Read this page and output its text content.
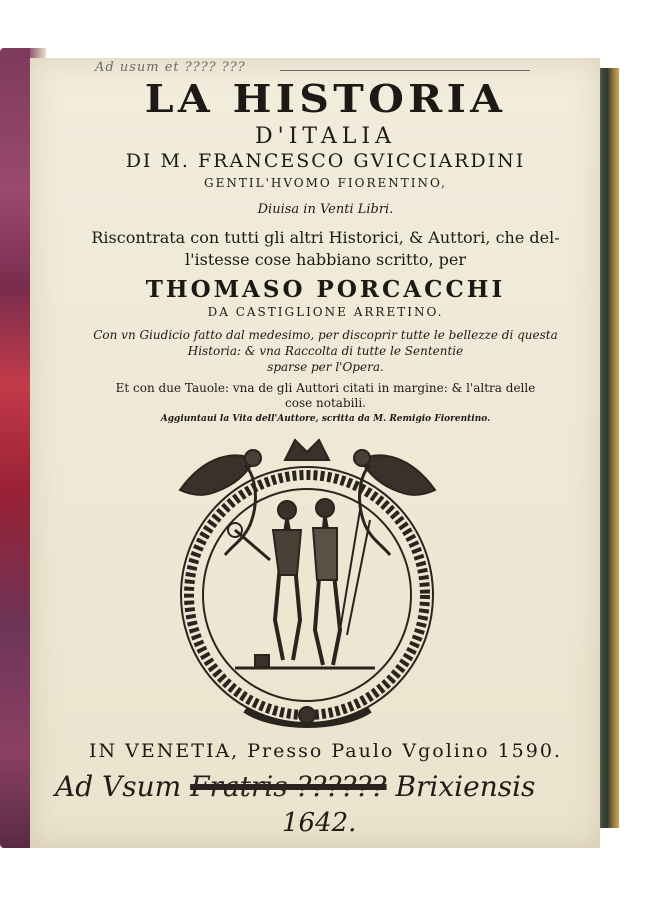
Ad usum et ???? ???
LA HISTORIA
D'ITALIA
DI M. FRANCESCO GVICCIARDINI
GENTIL'HVOMO FIORENTINO,
Diuisa in Venti Libri.
Riscontrata con tutti gli altri Historici, & Auttori, che del-
l'istesse cose habbiano scritto, per
THOMASO PORCACCHI
DA CASTIGLIONE ARRETINO.
Con vn Giudicio fatto dal medesimo, per discoprir tutte le bellezze di questa
Historia: & vna Raccolta di tutte le Sententie
sparse per l'Opera.
Et con due Tauole: vna de gli Auttori citati in margine: & l'altra delle
cose notabili.
Aggiuntaui la Vita dell'Auttore, scritta da M. Remigio Fiorentino.
IN VENETIA, Presso Paulo Vgolino 1590.
Ad Vsum Fratris ?????? Brixiensis
1642.
